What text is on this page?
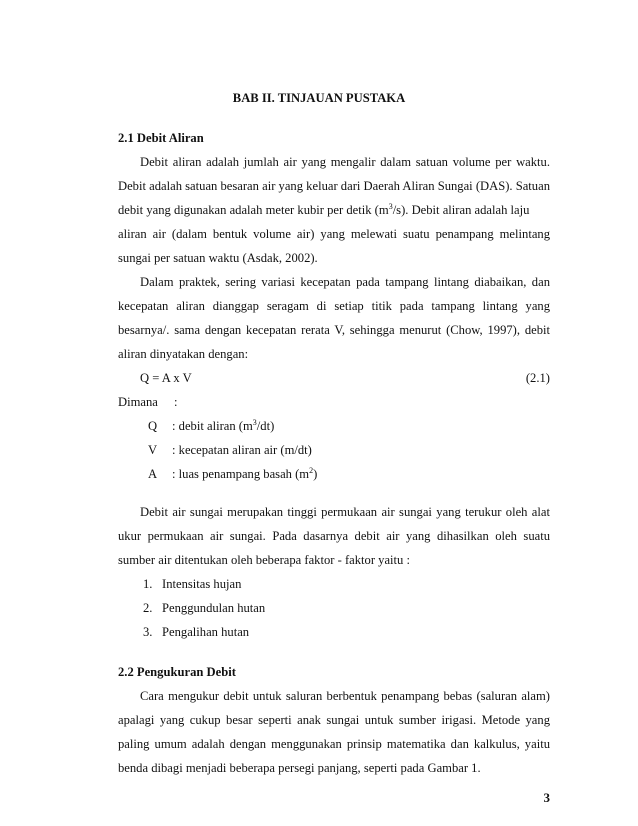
BAB II. TINJAUAN PUSTAKA
2.1 Debit Aliran
Debit aliran adalah jumlah air yang mengalir dalam satuan volume per waktu.
Debit adalah satuan besaran air yang keluar dari Daerah Aliran Sungai (DAS). Satuan
debit yang digunakan adalah meter kubir per detik $(m^3/s)$. Debit aliran adalah laju
aliran air (dalam bentuk volume air) yang melewati suatu penampang melintang
sungai per satuan waktu (Asdak, 2002).
Dalam praktek, sering variasi kecepatan pada tampang lintang diabaikan, dan
kecepatan aliran dianggap seragam di setiap titik pada tampang lintang yang
besarnya/. sama dengan kecepatan rerata V, sehingga menurut (Chow, 1997), debit
aliran dinyatakan dengan:
Q = A x V	(2.1)
Dimana :
Q : debit aliran $(m^3/dt)$
V : kecepatan aliran air (m/dt)
A : luas penampang basah $(m^2)$
Debit air sungai merupakan tinggi permukaan air sungai yang terukur oleh alat
ukur permukaan air sungai. Pada dasarnya debit air yang dihasilkan oleh suatu
sumber air ditentukan oleh beberapa faktor - faktor yaitu :
1. Intensitas hujan
2. Penggundulan hutan
3. Pengalihan hutan
2.2 Pengukuran Debit
Cara mengukur debit untuk saluran berbentuk penampang bebas (saluran alam)
apalagi yang cukup besar seperti anak sungai untuk sumber irigasi. Metode yang
paling umum adalah dengan menggunakan prinsip matematika dan kalkulus, yaitu
benda dibagi menjadi beberapa persegi panjang, seperti pada Gambar 1.
3
